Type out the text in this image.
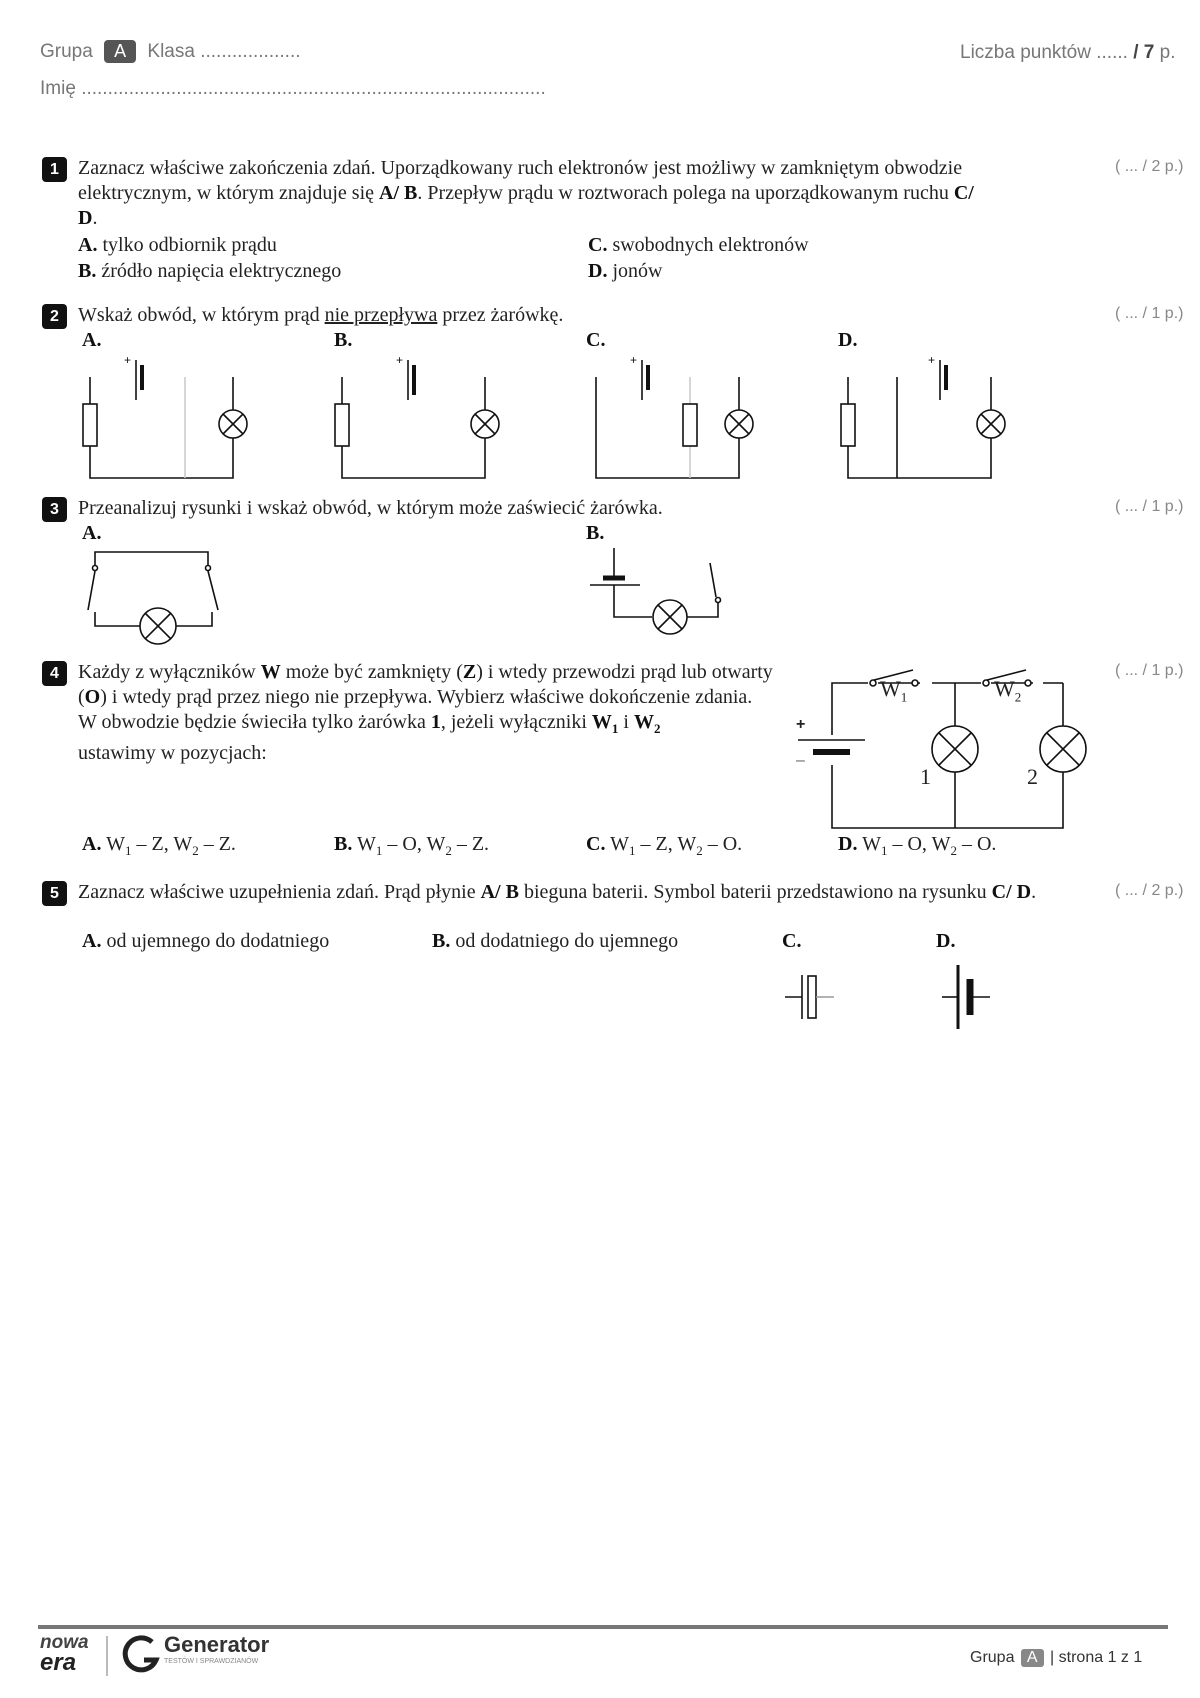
Grupa A Klasa ...................	Liczba punktów ...... / 7 p.
Imię ........................................................................................
1	( ... / 2 p.)
Zaznacz właściwe zakończenia zdań. Uporządkowany ruch elektronów jest możliwy w zamkniętym obwodzie elektrycznym, w którym znajduje się A/ B. Przepływ prądu w roztworach polega na uporządkowanym ruchu C/ D.
A. tylko odbiornik prądu
B. źródło napięcia elektrycznego
C. swobodnych elektronów
D. jonów
2	( ... / 1 p.)
Wskaż obwód, w którym prąd nie przepływa przez żarówkę.
A.	B.	C.	D.
+	+	+	+
3	( ... / 1 p.)
Przeanalizuj rysunki i wskaż obwód, w którym może zaświecić żarówka.
A.	B.
4	( ... / 1 p.)
Każdy z wyłączników W może być zamknięty (Z) i wtedy przewodzi prąd lub otwarty (O) i wtedy prąd przez niego nie przepływa. Wybierz właściwe dokończenie zdania.
W obwodzie będzie świeciła tylko żarówka 1, jeżeli wyłączniki $W_1$ i $W_2$
ustawimy w pozycjach:
$W_1$	$W_2$
1	2
+
–
A. $W_1$ – Z, $W_2$ – Z.	B. $W_1$ – O, $W_2$ – Z.	C. $W_1$ – Z, $W_2$ – O.	D. $W_1$ – O, $W_2$ – O.
5	( ... / 2 p.)
Zaznacz właściwe uzupełnienia zdań. Prąd płynie A/ B bieguna baterii. Symbol baterii przedstawiono na rysunku C/ D.
A. od ujemnego do dodatniego	B. od dodatniego do ujemnego	C.	D.
nowa
era
Generator
TESTÓW I SPRAWDZIANÓW	Grupa A | strona 1 z 1
